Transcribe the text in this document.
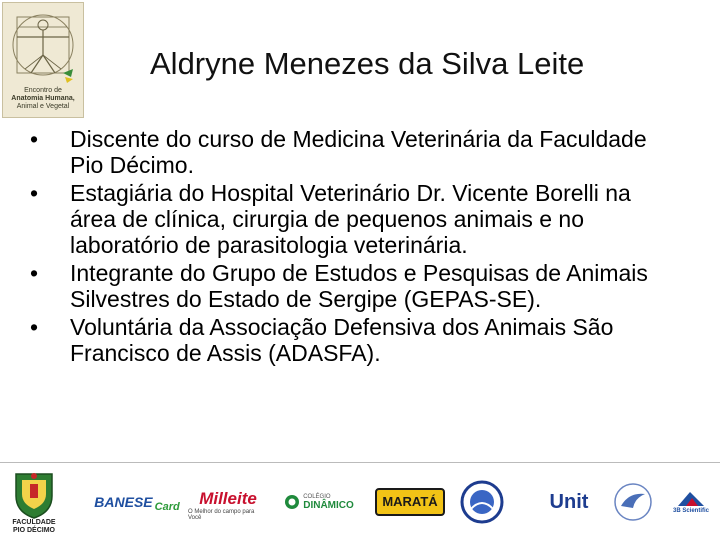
Encontro de
Anatomia Humana,
Animal e Vegetal
Aldryne Menezes da Silva Leite
• Discente do curso de Medicina Veterinária da Faculdade Pio Décimo.
• Estagiária do Hospital Veterinário Dr. Vicente Borelli na área de clínica, cirurgia de pequenos animais e no laboratório de parasitologia veterinária.
• Integrante do Grupo de Estudos e Pesquisas de Animais Silvestres do Estado de Sergipe (GEPAS-SE).
• Voluntária da Associação Defensiva dos Animais São Francisco de Assis (ADASFA).
FACULDADE
PIO DÉCIMO
BANESE Card Milleite
O Melhor do campo para Você
COLÉGIO
DINÂMICO	MARATÁ	Unit	3B Scientific
